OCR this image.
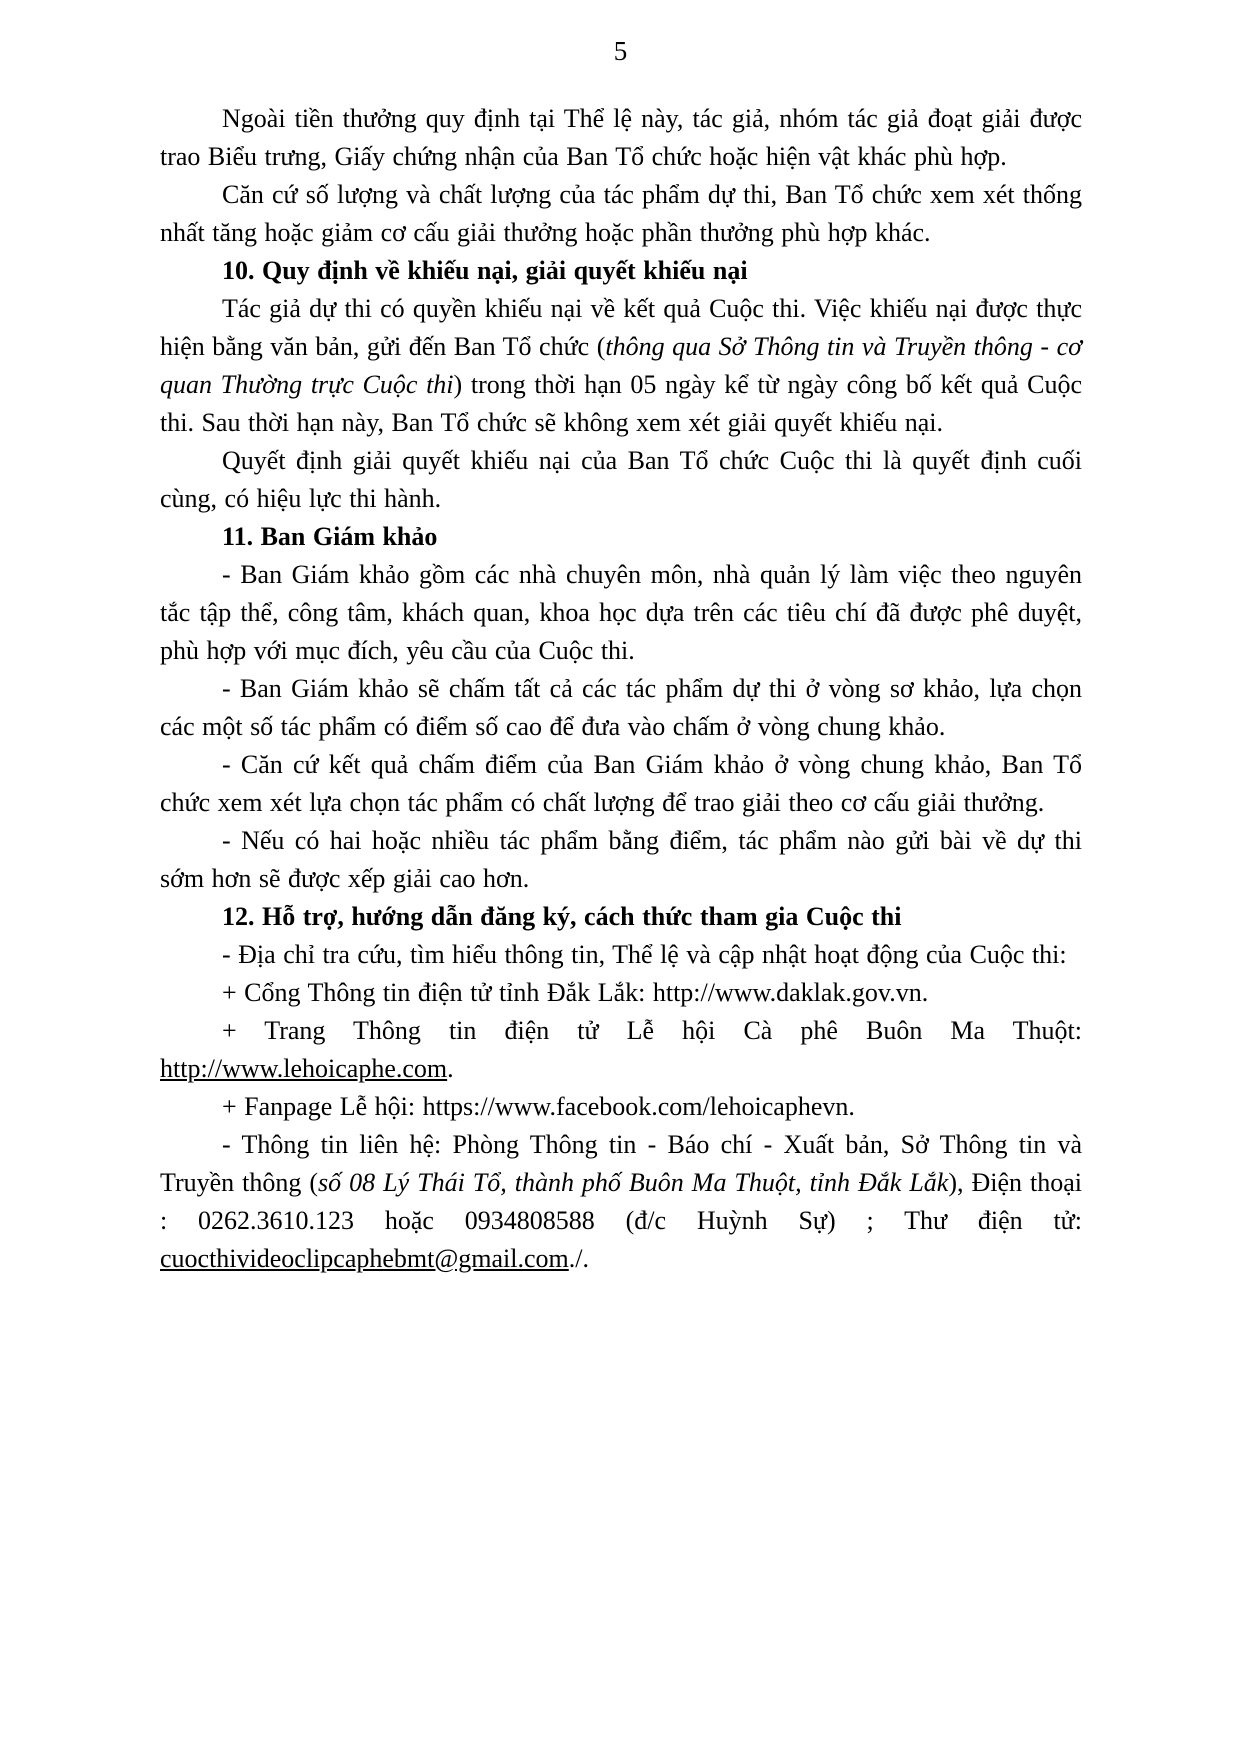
5

Ngoài tiền thưởng quy định tại Thể lệ này, tác giả, nhóm tác giả đoạt giải được trao Biểu trưng, Giấy chứng nhận của Ban Tổ chức hoặc hiện vật khác phù hợp.

Căn cứ số lượng và chất lượng của tác phẩm dự thi, Ban Tổ chức xem xét thống nhất tăng hoặc giảm cơ cấu giải thưởng hoặc phần thưởng phù hợp khác.

10. Quy định về khiếu nại, giải quyết khiếu nại

Tác giả dự thi có quyền khiếu nại về kết quả Cuộc thi. Việc khiếu nại được thực hiện bằng văn bản, gửi đến Ban Tổ chức (thông qua Sở Thông tin và Truyền thông - cơ quan Thường trực Cuộc thi) trong thời hạn 05 ngày kể từ ngày công bố kết quả Cuộc thi. Sau thời hạn này, Ban Tổ chức sẽ không xem xét giải quyết khiếu nại.

Quyết định giải quyết khiếu nại của Ban Tổ chức Cuộc thi là quyết định cuối cùng, có hiệu lực thi hành.

11. Ban Giám khảo

- Ban Giám khảo gồm các nhà chuyên môn, nhà quản lý làm việc theo nguyên tắc tập thể, công tâm, khách quan, khoa học dựa trên các tiêu chí đã được phê duyệt, phù hợp với mục đích, yêu cầu của Cuộc thi.

- Ban Giám khảo sẽ chấm tất cả các tác phẩm dự thi ở vòng sơ khảo, lựa chọn các một số tác phẩm có điểm số cao để đưa vào chấm ở vòng chung khảo.

- Căn cứ kết quả chấm điểm của Ban Giám khảo ở vòng chung khảo, Ban Tổ chức xem xét lựa chọn tác phẩm có chất lượng để trao giải theo cơ cấu giải thưởng.

- Nếu có hai hoặc nhiều tác phẩm bằng điểm, tác phẩm nào gửi bài về dự thi sớm hơn sẽ được xếp giải cao hơn.

12. Hỗ trợ, hướng dẫn đăng ký, cách thức tham gia Cuộc thi

- Địa chỉ tra cứu, tìm hiểu thông tin, Thể lệ và cập nhật hoạt động của Cuộc thi:

+ Cổng Thông tin điện tử tỉnh Đắk Lắk: http://www.daklak.gov.vn.

+ Trang Thông tin điện tử Lễ hội Cà phê Buôn Ma Thuột: http://www.lehoicaphe.com.

+ Fanpage Lễ hội: https://www.facebook.com/lehoicaphevn.

- Thông tin liên hệ: Phòng Thông tin - Báo chí - Xuất bản, Sở Thông tin và Truyền thông (số 08 Lý Thái Tổ, thành phố Buôn Ma Thuột, tỉnh Đắk Lắk), Điện thoại : 0262.3610.123 hoặc 0934808588 (đ/c Huỳnh Sự) ; Thư điện tử: cuocthivideoclipcaphebmt@gmail.com./.
